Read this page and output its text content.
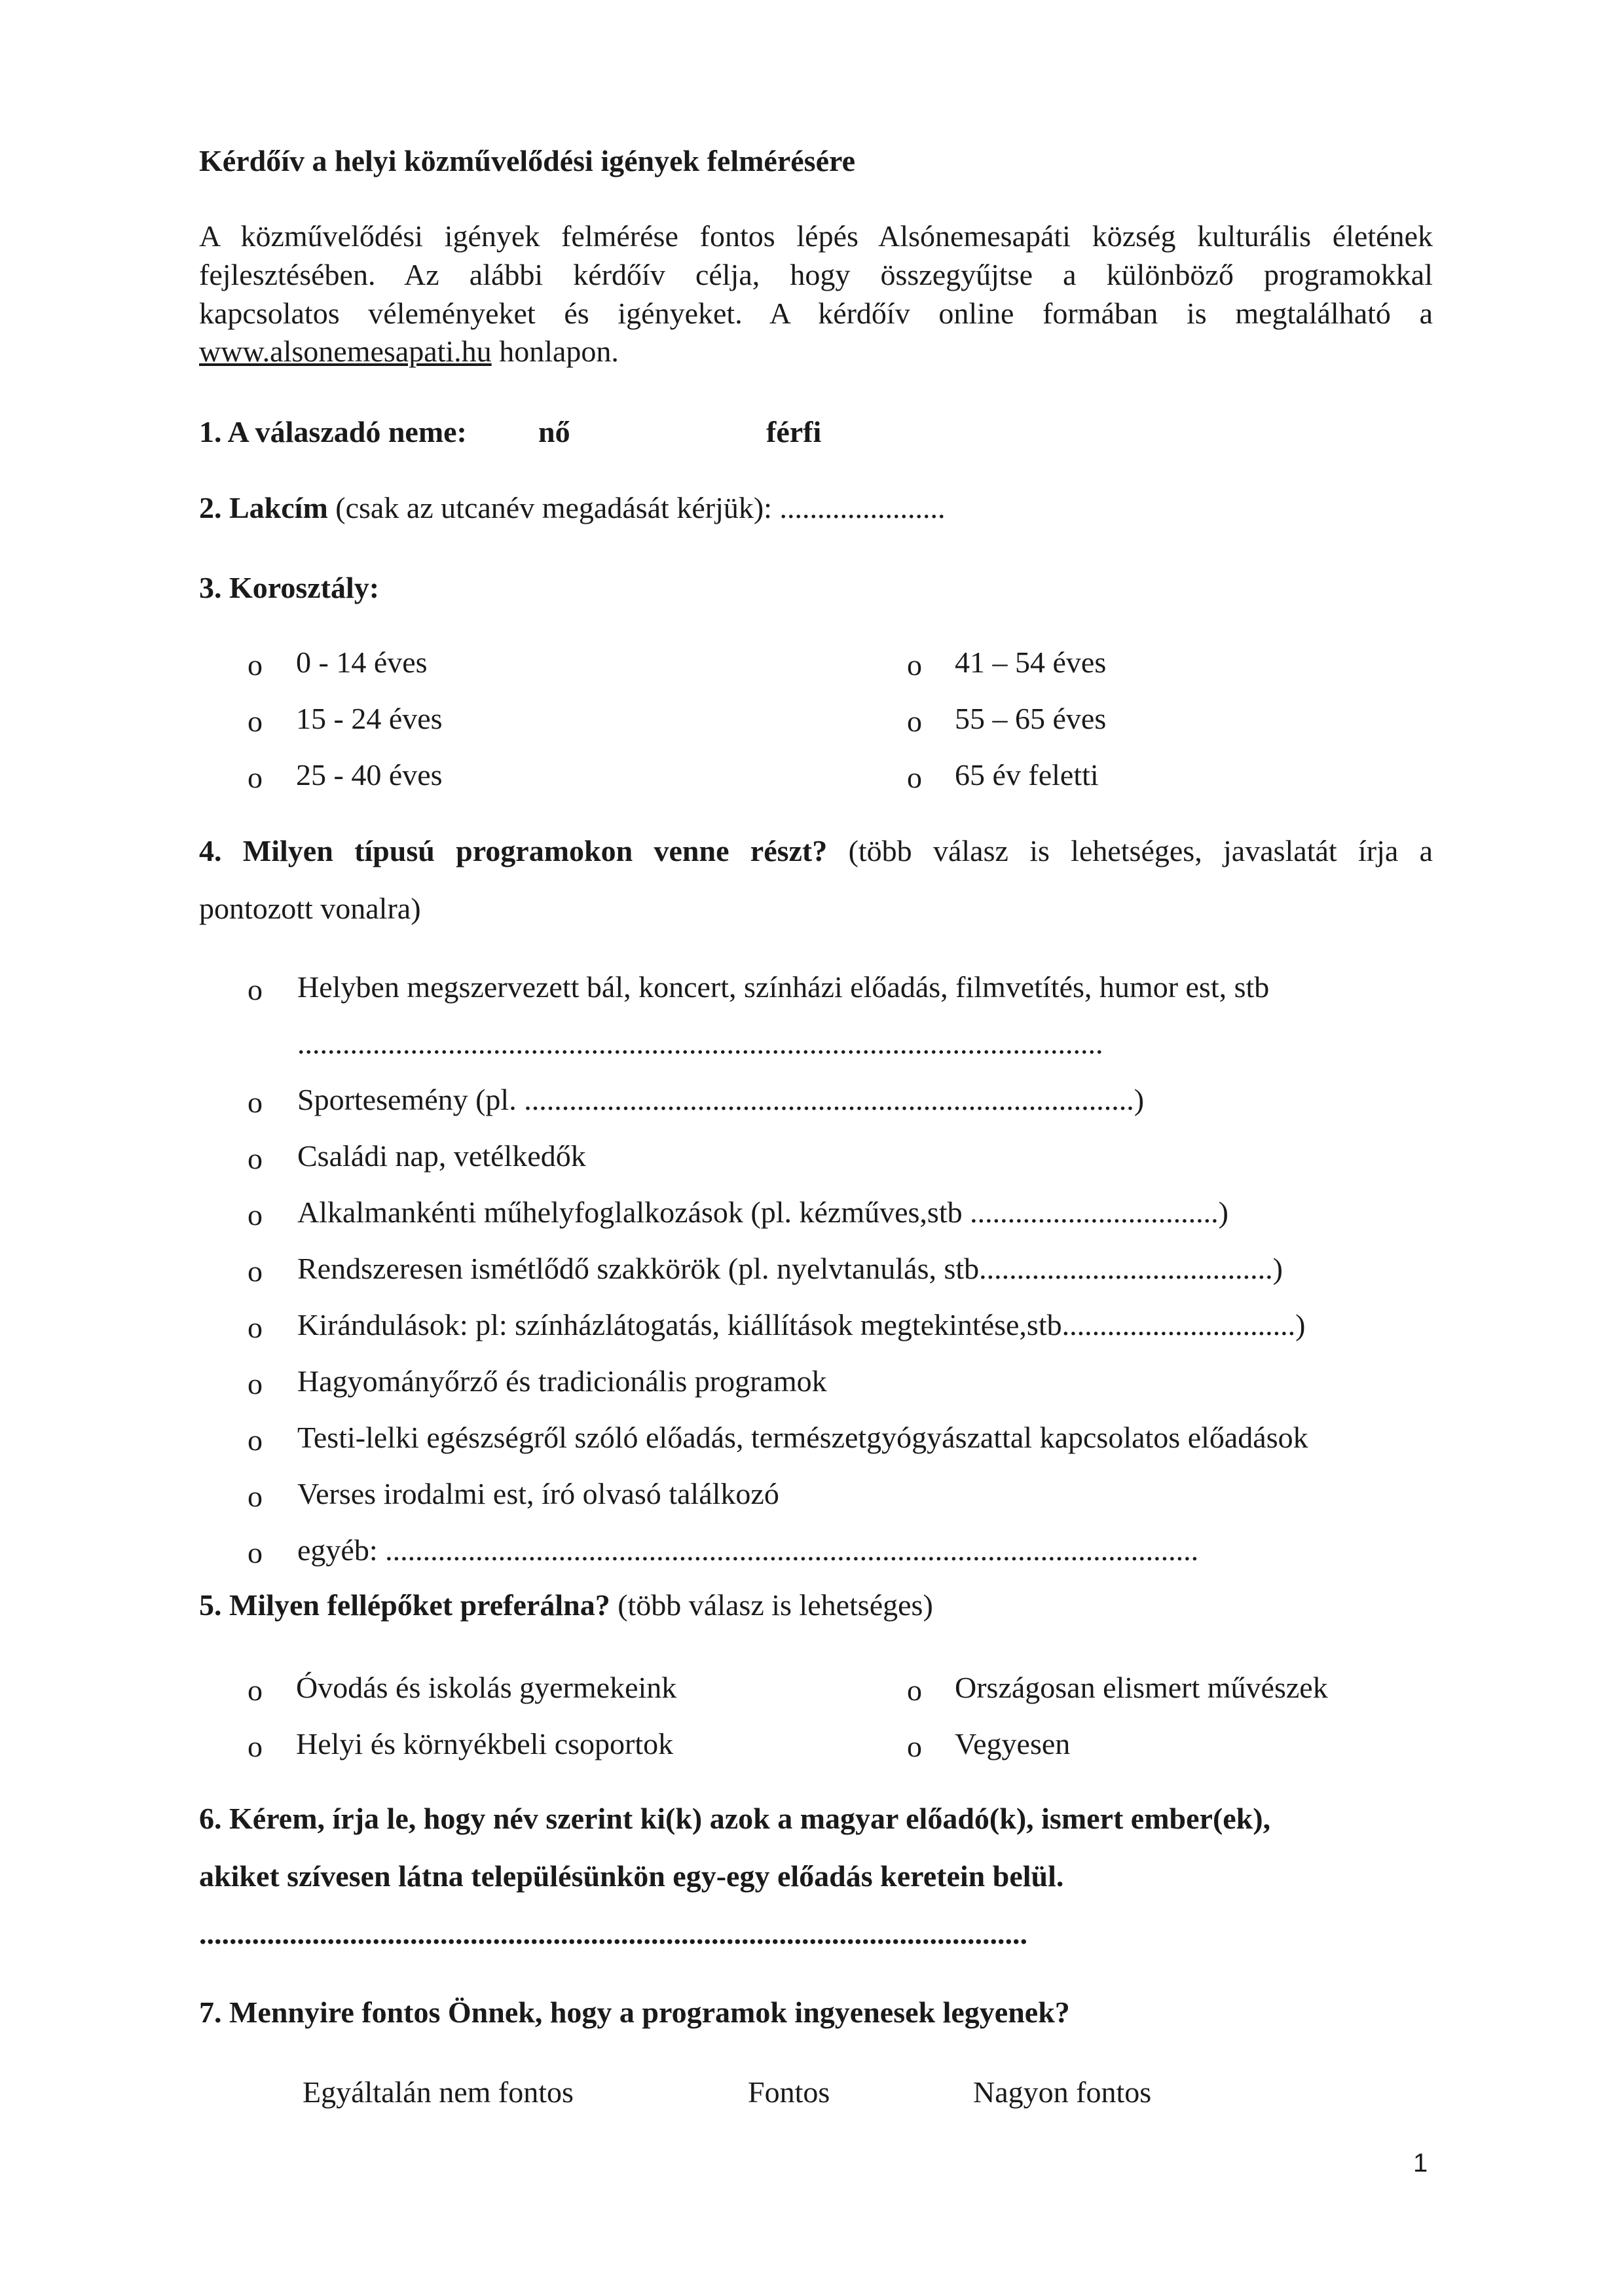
Kérdőív a helyi közművelődési igények felmérésére
A közművelődési igények felmérése fontos lépés Alsónemesapáti község kulturális életének
fejlesztésében. Az alábbi kérdőív célja, hogy összegyűjtse a különböző programokkal
kapcsolatos véleményeket és igényeket. A kérdőív online formában is megtalálható a
www.alsonemesapati.hu honlapon.
1. A válaszadó neme: nő	férfi
2. Lakcím (csak az utcanév megadását kérjük): ......................
3. Korosztály:
o 0 - 14 éves
o 15 - 24 éves
o 25 - 40 éves
o 41 – 54 éves
o 55 – 65 éves
o 65 év feletti
4. Milyen típusú programokon venne részt? (több válasz is lehetséges, javaslatát írja a
pontozott vonalra)
o Helyben megszervezett bál, koncert, színházi előadás, filmvetítés, humor est, stb
...........................................................................................................
o Sportesemény (pl. .................................................................................)
o Családi nap, vetélkedők
o Alkalmankénti műhelyfoglalkozások (pl. kézműves,stb .................................)
o Rendszeresen ismétlődő szakkörök (pl. nyelvtanulás, stb.......................................)
o Kirándulások: pl: színházlátogatás, kiállítások megtekintése,stb...............................)
o Hagyományőrző és tradicionális programok
o Testi-lelki egészségről szóló előadás, természetgyógyászattal kapcsolatos előadások
o Verses irodalmi est, író olvasó találkozó
o egyéb: ............................................................................................................
5. Milyen fellépőket preferálna? (több válasz is lehetséges)
o Óvodás és iskolás gyermekeink
o Helyi és környékbeli csoportok
o Országosan elismert művészek
o Vegyesen
6. Kérem, írja le, hogy név szerint ki(k) azok a magyar előadó(k), ismert ember(ek),
akiket szívesen látna településünkön egy-egy előadás keretein belül.
..............................................................................................................
7. Mennyire fontos Önnek, hogy a programok ingyenesek legyenek?
Egyáltalán nem fontos	Fontos	Nagyon fontos
1
